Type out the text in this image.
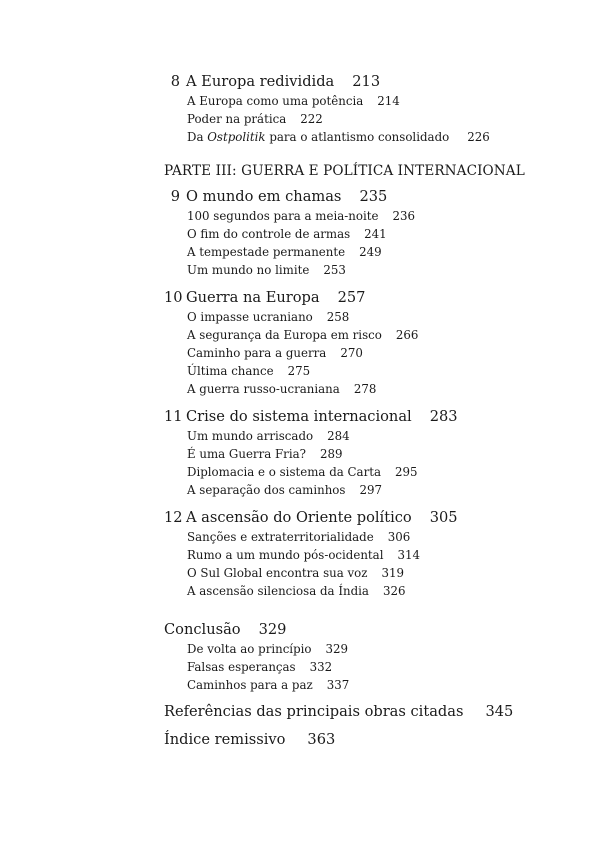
8 A Europa redividida 213
A Europa como uma potência 214
Poder na prática 222
Da Ostpolitik para o atlantismo consolidado 226
PARTE III: GUERRA E POLÍTICA INTERNACIONAL
9 O mundo em chamas 235
100 segundos para a meia-noite 236
O fim do controle de armas 241
A tempestade permanente 249
Um mundo no limite 253
10 Guerra na Europa 257
O impasse ucraniano 258
A segurança da Europa em risco 266
Caminho para a guerra 270
Última chance 275
A guerra russo-ucraniana 278
11 Crise do sistema internacional 283
Um mundo arriscado 284
É uma Guerra Fria? 289
Diplomacia e o sistema da Carta 295
A separação dos caminhos 297
12 A ascensão do Oriente político 305
Sanções e extraterritorialidade 306
Rumo a um mundo pós-ocidental 314
O Sul Global encontra sua voz 319
A ascensão silenciosa da Índia 326
Conclusão 329
De volta ao princípio 329
Falsas esperanças 332
Caminhos para a paz 337
Referências das principais obras citadas 345
Índice remissivo 363
